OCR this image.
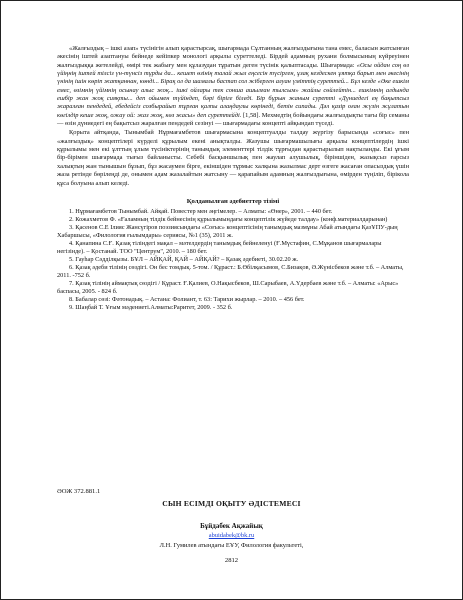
«Жалғыздық – ішкі азап» түсінігін алып қарастырсақ, шығармада Сұлтанның жалғыздығына тана емес, баласын жатсынған әкесінің іштей азаптануы бейнеде кейіпкер монологі арқылы суреттеледі. Бірдей адамның рухани болмысының күйреуінен жалғыздыққа жетелейді, өмірі тек жабығу мен құлазудан тұратын деген түсінік қалыптасады. Шығармада: «Осы ойдан соң өз үйіңнің іштей тілсіз үн-түнсіз тұрды да... кешет өзінің талай жыл еңсесін түсірген, ұзақ кездескен ұятқа барып мен әкесінің үнінің ішін көріп жатқаннан, көнді... Бірақ ол да шамалы бастап сол жіберген алуан үміттің суреттей... Бұл кезде «Әке ешкім емес, өзімнің үйімнің осынау алыс жоқ... ішкі ойлары тек сонша ашылған тылсым» жайлы сөйлейтін... ешкімнің алдында ешбір жан жоқ сияқты... деп ойымен түйіндеп, бәрі біріге біледі. Бір бұрын жаным суретті «Дүниедегі ең бақытсыз жаралған пендедей, ебедейсіз созбырайып тұрған қалпы алаңдаулы көрінеді, бетін сипады. Дәл қазір оған жүзін жұлатын көгілдір кеше жоқ, ожау ой: жаз жоқ, көз жасы» деп суреттейді. [1,58]. Мехмедтің бойындағы жалғыздықты тағы бір семаны — өзін дүниедегі ең бақытсыз жаралған пендедей сезінуі — шығармадағы концепті айқындап түседі.

Қорыта айтқанда, Тынымбай Нұрмағамбетов шығармасына концептуалды талдау жүргізу барысында «соғыс» пен «жалғыздық» концептілері күрделі құрылым екені анықталды. Жазушы шығармашылығы арқылы концептілердің ішкі құрылымы мен екі ұлттың ұлым түсініктерінің танымдық элементтері тілдік тұрғыдан қарастырылып нақтыланды. Екі ұғым бір-бірімен шығармада тығыз байланысты. Себебі басқыншылық пен жаулап алушылық, біріншіден, жазықсыз ғарсыз халықтың жан тынышын бұзып, бұз жасаумен бірге, екіншіден тұрмыс халқына жазылмас дерт өзгеге жасаған опасыздық үшін жаза ретінде бөрілеңді де, онымен адам жазалайтын жатсыну — қарапайым адамның жалғыздығына, өмірден түңіліп, бірікола құса болуына алып келеді.

Қолданылған әдебиеттер тізімі

1. Нұрмағамбетов Тынымбай. Айқай. Повестер мен әңгімелер. – Алматы: «Өнер», 2001. – 440 бет.

2. Кожахметов Ф. «Ғаламның тілдік бейнесінің құрылымындағы концептілік жүйеде талдау» (конф.материалдарынан)

3. Қасенов С.Е Ілияс Жансүгіров поэзиясындағы «Соғыс» концептісінің танымдық мазмұны Абай атындағы ҚазҰПУ-дың Хабаршысы, «Филология ғылымдары» сериясы, №1 (35), 2011 ж.

4. Қанапина С.Ғ. Қазақ тіліндегі мақал – мәтелдердің танымдық бейнеленуі (Ғ.Мүстафин, С.Мұқанов шығармалары негізінде). – Қостанай. ТОО "Центрум", 2010. – 180 бет.

5. Гауһар Сәдділқызы. БҰЛ – АЙҚАЙ, ҚАЙ – АЙҚАЙ? – Қазақ әдебиеті, 30.02.20 ж.

6. Қазақ әдеби тілінің сөздігі. Он бес томдық. 5-том. / Құраст.: Б.Өбілқасымов, С.Бизақов, Ә.Жүнісбеков және т.б. – Алматы, 2011. -752 б.

7. Қазақ тілінің аймақтық сөздігі / Құраст. Ғ.Қалиев, О.Нақысбеков, Ш.Сарыбаев, А.Үдербаев және т.б. – Алматы: «Арыс» баспасы, 2005. - 824 б.

8. Бабалар сөзі: Фәтонадық. – Астана: Фолиант, т. 63: Тарихи жырлар. – 2010. – 456 бет.

9. Шаңбай Т. Ұғым мәдениеті.Алматы:Раритет, 2009. - 352 б.

ӘОЖ 372.881.1
СЫН ЕСІМДІ ОҚЫТУ ӘДІСТЕМЕСІ
Бұйдабек Ақжайық
abuidabek@bk.ru
Л.Н. Гумилев атындағы ЕҰУ, Филология факультеті,
2812
